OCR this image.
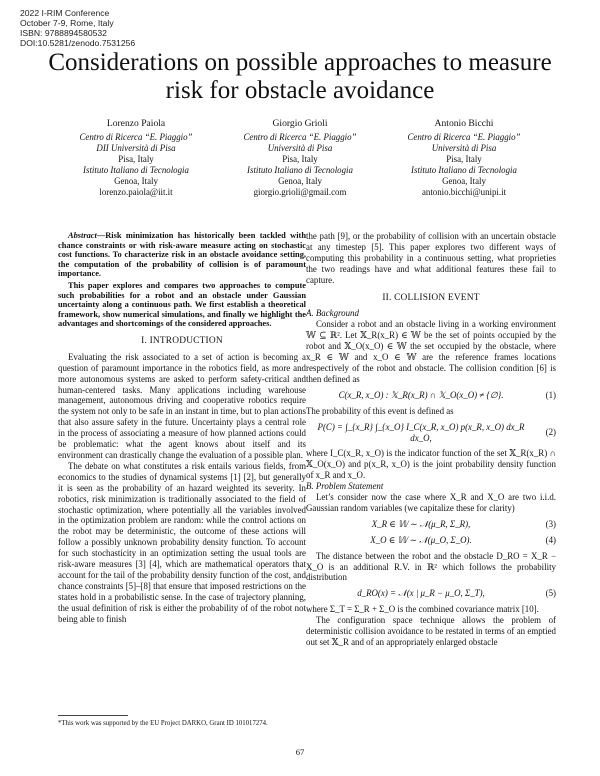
2022 I-RIM Conference
October 7-9, Rome, Italy
ISBN: 9788894580532
DOI:10.5281/zenodo.7531256
Considerations on possible approaches to measure
risk for obstacle avoidance
Lorenzo Paiola
Centro di Ricerca “E. Piaggio”
DII Università di Pisa
Pisa, Italy
Istituto Italiano di Tecnologia
Genoa, Italy
lorenzo.paiola@iit.it
Giorgio Grioli
Centro di Ricerca “E. Piaggio”
Università di Pisa
Pisa, Italy
Istituto Italiano di Tecnologia
Genoa, Italy
giorgio.grioli@gmail.com
Antonio Bicchi
Centro di Ricerca “E. Piaggio”
Università di Pisa
Pisa, Italy
Istituto Italiano di Tecnologia
Genoa, Italy
antonio.bicchi@unipi.it

Abstract—Risk minimization has historically been tackled with chance constraints or with risk-aware measure acting on stochastic cost functions. To characterize risk in an obstacle avoidance setting, the computation of the probability of collision is of paramount importance.

This paper explores and compares two approaches to compute such probabilities for a robot and an obstacle under Gaussian uncertainty along a continuous path. We first establish a theoretical framework, show numerical simulations, and finally we highlight the advantages and shortcomings of the considered approaches.

I. INTRODUCTION

Evaluating the risk associated to a set of action is becoming a question of paramount importance in the robotics field, as more and more autonomous systems are asked to perform safety-critical and human-centered tasks. Many applications including warehouse management, autonomous driving and cooperative robotics require the system not only to be safe in an instant in time, but to plan actions that also assure safety in the future. Uncertainty plays a central role in the process of associating a measure of how planned actions could be problematic: what the agent knows about itself and its environment can drastically change the evaluation of a possible plan.

The debate on what constitutes a risk entails various fields, from economics to the studies of dynamical systems [1] [2], but generally it is seen as the probability of an hazard weighted its severity. In robotics, risk minimization is traditionally associated to the field of stochastic optimization, where potentially all the variables involved in the optimization problem are random: while the control actions on the robot may be deterministic, the outcome of these actions will follow a possibly unknown probability density function. To account for such stochasticity in an optimization setting the usual tools are risk-aware measures [3] [4], which are mathematical operators that account for the tail of the probability density function of the cost, and chance constraints [5]–[8] that ensure that imposed restrictions on the states hold in a probabilistic sense. In the case of trajectory planning, the usual definition of risk is either the probability of of the robot not being able to finish

the path [9], or the probability of collision with an uncertain obstacle at any timestep [5]. This paper explores two different ways of computing this probability in a continuous setting, what proprieties the two readings have and what additional features these fail to capture.

II. COLLISION EVENT

A. Background

Consider a robot and an obstacle living in a working environment 𝕎 ⊆ ℝ². Let 𝕏_R(x_R) ∈ 𝕎 be the set of points occupied by the robot and 𝕏_O(x_O) ∈ 𝕎 the set occupied by the obstacle, where x_R ∈ 𝕎 and x_O ∈ 𝕎 are the reference frames locations respectively of the robot and obstacle. The collision condition [6] is then defined as

C(x_R, x_O) : 𝕏_R(x_R) ∩ 𝕏_O(x_O) ≠ {∅}.	(1)

The probability of this event is defined as

P(C) = ∫_{x_R} ∫_{x_O} I_C(x_R, x_O) p(x_R, x_O) dx_R dx_O,
(2)

where I_C(x_R, x_O) is the indicator function of the set 𝕏_R(x_R) ∩ 𝕏_O(x_O) and p(x_R, x_O) is the joint probability density function of x_R and x_O.

B. Problem Statement

Let’s consider now the case where X_R and X_O are two i.i.d. Gaussian random variables (we capitalize these for clarity)

X_R ∈ 𝕎 ∼ 𝒩(μ_R, Σ_R),	(3)
X_O ∈ 𝕎 ∼ 𝒩(μ_O, Σ_O).	(4)

The distance between the robot and the obstacle D_RO = X_R − X_O is an additional R.V. in ℝ² which follows the probability distribution

d_RO(x) = 𝒩(x | μ_R − μ_O, Σ_T),	(5)

where Σ_T = Σ_R + Σ_O is the combined covariance matrix [10].

The configuration space technique allows the problem of deterministic collision avoidance to be restated in terms of an emptied out set 𝕏_R and of an appropriately enlarged obstacle

*This work was supported by the EU Project DARKO, Grant ID 101017274.
67
